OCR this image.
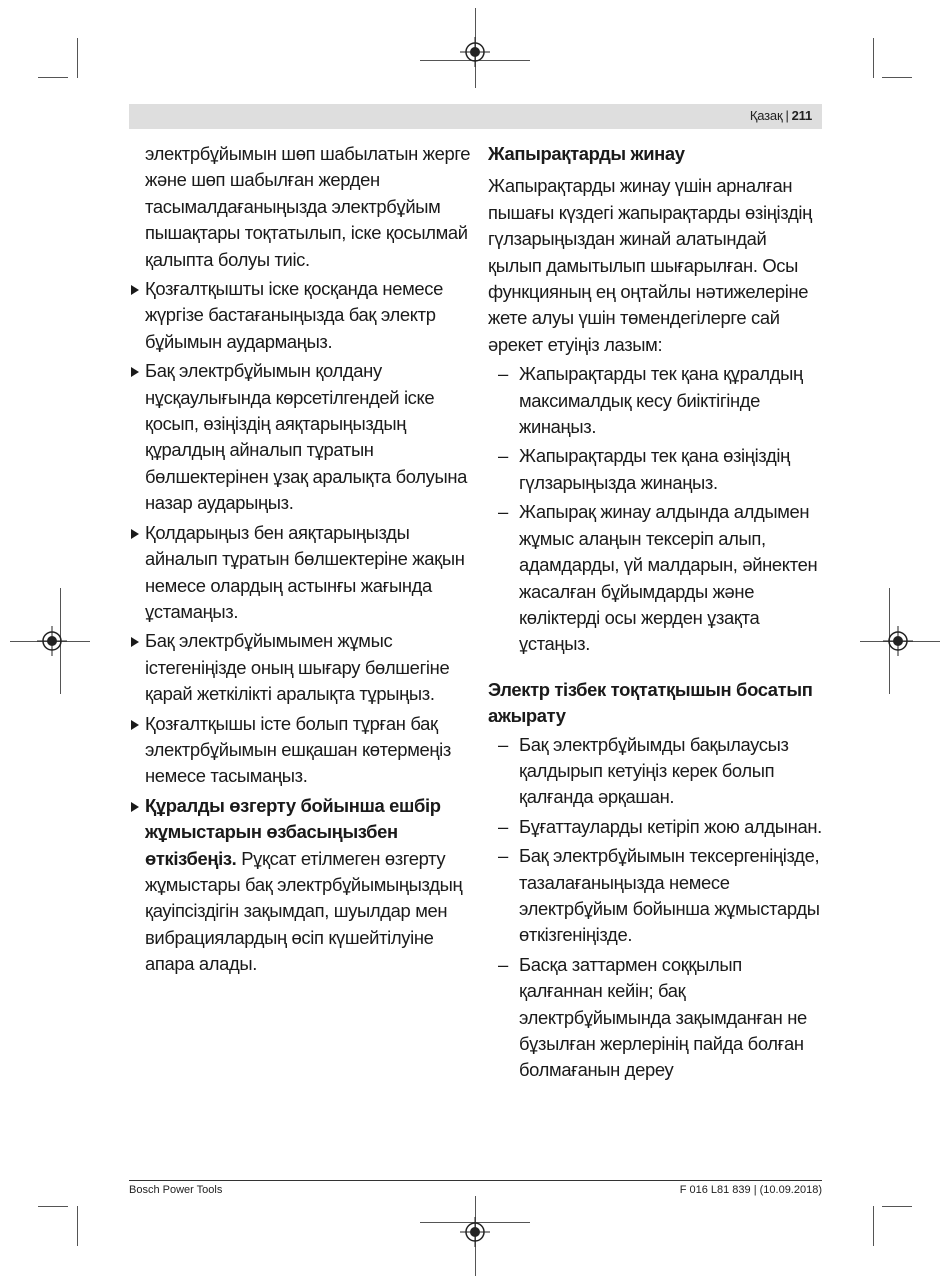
Қазақ | 211

электрбұйымын шөп шабылатын жерге және шөп шабылған жерден тасымалдағаныңызда электрбұйым пышақтары тоқтатылып, іске қосылмай қалыпта болуы тиіс.

Қозғалтқышты іске қосқанда немесе жүргізе бастағаныңызда бақ электр бұйымын аудармаңыз.
Бақ электрбұйымын қолдану нұсқаулығында көрсетілгендей іске қосып, өзіңіздің аяқтарыңыздың құралдың айналып тұратын бөлшектерінен ұзақ аралықта болуына назар аударыңыз.
Қолдарыңыз бен аяқтарыңызды айналып тұратын бөлшектеріне жақын немесе олардың астынғы жағында ұстамаңыз.
Бақ электрбұйымымен жұмыс істегеніңізде оның шығару бөлшегіне қарай жеткілікті аралықта тұрыңыз.
Қозғалтқышы істе болып тұрған бақ электрбұйымын ешқашан көтермеңіз немесе тасымаңыз.
Құралды өзгерту бойынша ешбір жұмыстарын өзбасыңызбен өткізбеңіз. Рұқсат етілмеген өзгерту жұмыстары бақ электрбұйымыңыздың қауіпсіздігін зақымдап, шуылдар мен вибрациялардың өсіп күшейтілуіне апара алады.
Жапырақтарды жинау

Жапырақтарды жинау үшін арналған пышағы күздегі жапырақтарды өзіңіздің гүлзарыңыздан жинай алатындай қылып дамытылып шығарылған. Осы функцияның ең оңтайлы нәтижелеріне жете алуы үшін төмендегілерге сай әрекет етуіңіз лазым:

– Жапырақтарды тек қана құралдың максималдық кесу биіктігінде жинаңыз.
– Жапырақтарды тек қана өзіңіздің гүлзарыңызда жинаңыз.
– Жапырақ жинау алдында алдымен жұмыс алаңын тексеріп алып, адамдарды, үй малдарын, әйнектен жасалған бұйымдарды және көліктерді осы жерден ұзақта ұстаңыз.
Электр тізбек тоқтатқышын босатып ажырату
– Бақ электрбұйымды бақылаусыз қалдырып кетуіңіз керек болып қалғанда әрқашан.
– Бұғаттауларды кетіріп жою алдынан.
– Бақ электрбұйымын тексергеніңізде, тазалағаныңызда немесе электрбұйым бойынша жұмыстарды өткізгеніңізде.
– Басқа заттармен соққылып қалғаннан кейін; бақ электрбұйымында зақымданған не бұзылған жерлерінің пайда болған болмағанын дереу
Bosch Power Tools	F 016 L81 839 | (10.09.2018)
